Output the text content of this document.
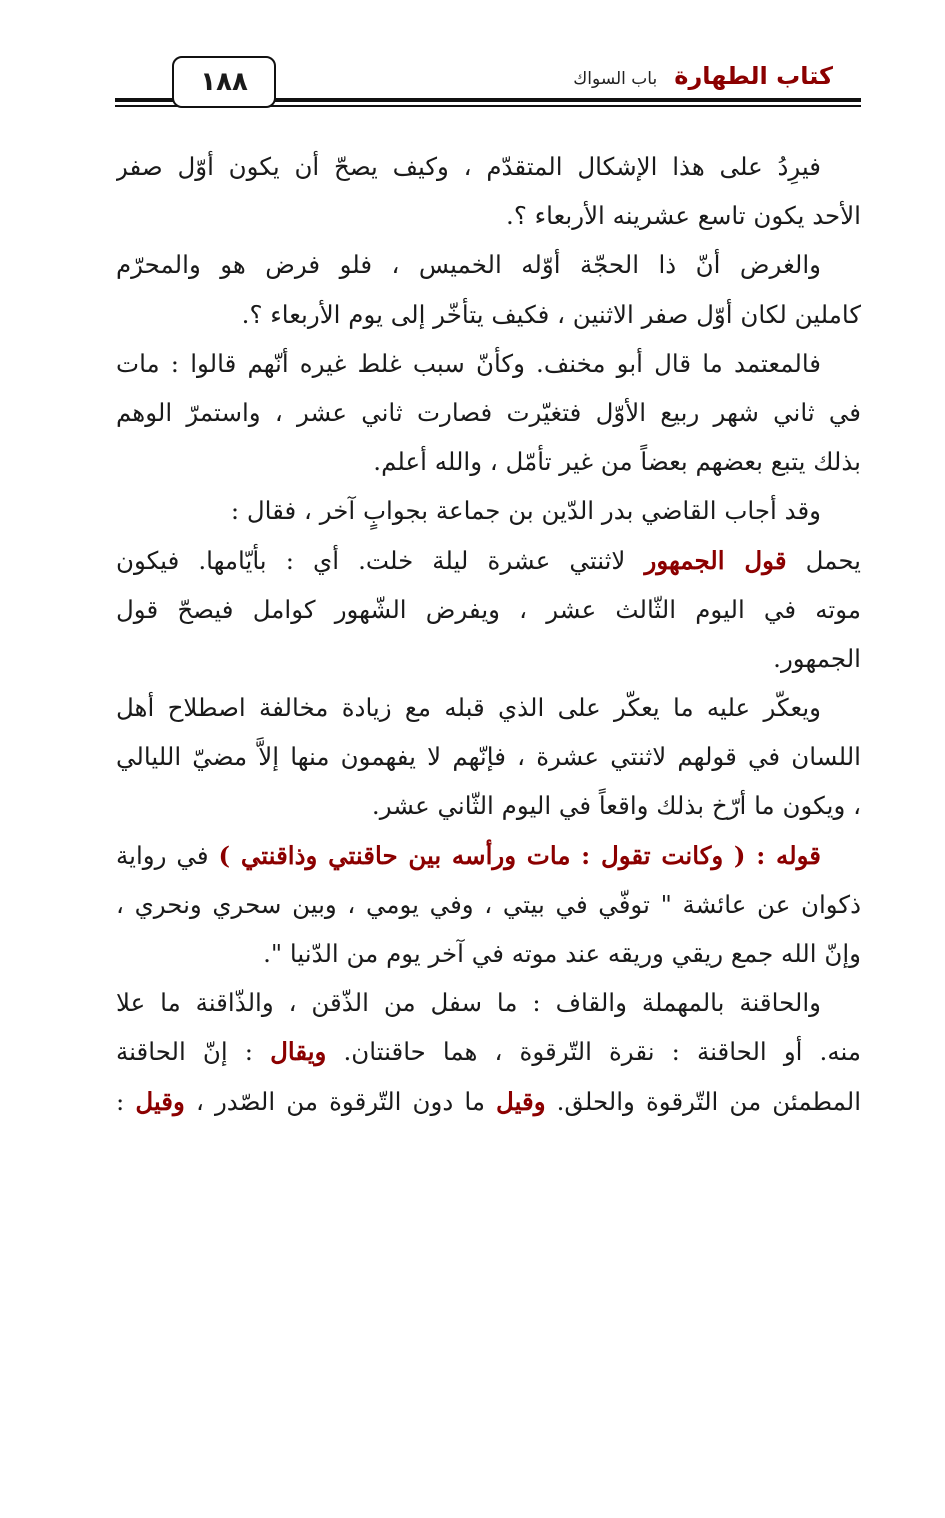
١٨٨	كتاب الطهارة باب السواك
فيرِدُ على هذا الإشكال المتقدّم ، وكيف يصحّ أن يكون أوّل صفر
الأحد يكون تاسع عشرينه الأربعاء ؟.
والغرض أنّ ذا الحجّة أوّله الخميس ، فلو فرض هو والمحرّم
كاملين لكان أوّل صفر الاثنين ، فكيف يتأخّر إلى يوم الأربعاء ؟.
فالمعتمد ما قال أبو مخنف. وكأنّ سبب غلط غيره أنّهم قالوا : مات
في ثاني شهر ربيع الأوّل فتغيّرت فصارت ثاني عشر ، واستمرّ الوهم
بذلك يتبع بعضهم بعضاً من غير تأمّل ، والله أعلم.
وقد أجاب القاضي بدر الدّين بن جماعة بجوابٍ آخر ، فقال :
يحمل قول الجمهور لاثنتي عشرة ليلة خلت. أي : بأيّامها. فيكون
موته في اليوم الثّالث عشر ، ويفرض الشّهور كوامل فيصحّ قول
الجمهور.
ويعكّر عليه ما يعكّر على الذي قبله مع زيادة مخالفة اصطلاح أهل
اللسان في قولهم لاثنتي عشرة ، فإنّهم لا يفهمون منها إلاَّ مضيّ الليالي
، ويكون ما أرّخ بذلك واقعاً في اليوم الثّاني عشر.
قوله : ( وكانت تقول : مات ورأسه بين حاقنتي وذاقنتي ) في رواية
ذكوان عن عائشة " توفّي في بيتي ، وفي يومي ، وبين سحري ونحري ،
وإنّ الله جمع ريقي وريقه عند موته في آخر يوم من الدّنيا ".
والحاقنة بالمهملة والقاف : ما سفل من الذّقن ، والذّاقنة ما علا
منه. أو الحاقنة : نقرة التّرقوة ، هما حاقنتان. ويقال : إنّ الحاقنة
المطمئن من التّرقوة والحلق. وقيل ما دون التّرقوة من الصّدر ، وقيل :
